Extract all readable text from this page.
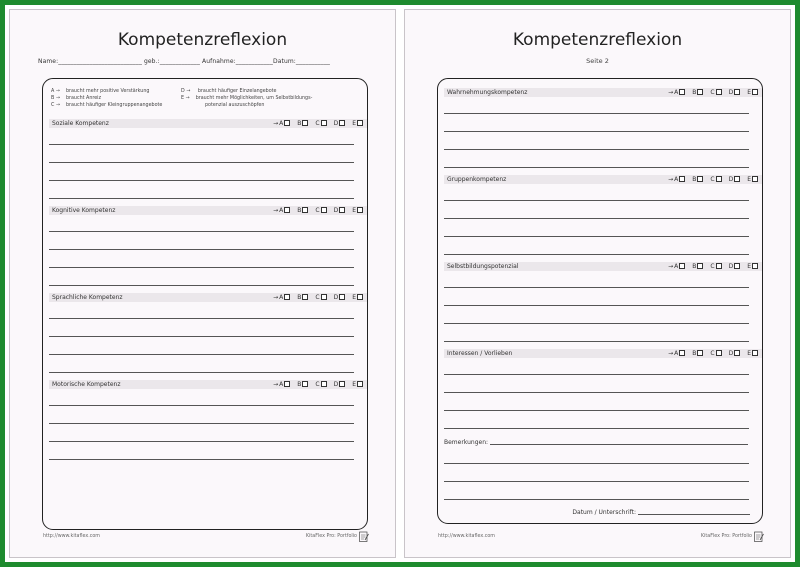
Kompetenzreflexion
Name:___________________________ geb.:_____________ Aufnahme:____________Datum:___________
A → braucht mehr positive Verstärkung
B → braucht Anreiz
C → braucht häufiger Kleingruppenangebote
D → braucht häufiger Einzelangebote
E → braucht mehr Möglichkeiten, um Selbstbildungs-
potenzial auszuschöpfen
Soziale Kompetenz	→A B C D E
Kognitive Kompetenz	→A B C D E
Sprachliche Kompetenz	→A B C D E
Motorische Kompetenz	→A B C D E
http://www.kitaflex.com	KitaFlex Pro: Portfolio
Kompetenzreflexion
Seite 2
Wahrnehmungskompetenz	→A B C D E
Gruppenkompetenz	→A B C D E
Selbstbildungspotenzial	→A B C D E
Interessen / Vorlieben	→A B C D E
Bemerkungen:
Datum / Unterschrift:
http://www.kitaflex.com	KitaFlex Pro: Portfolio
